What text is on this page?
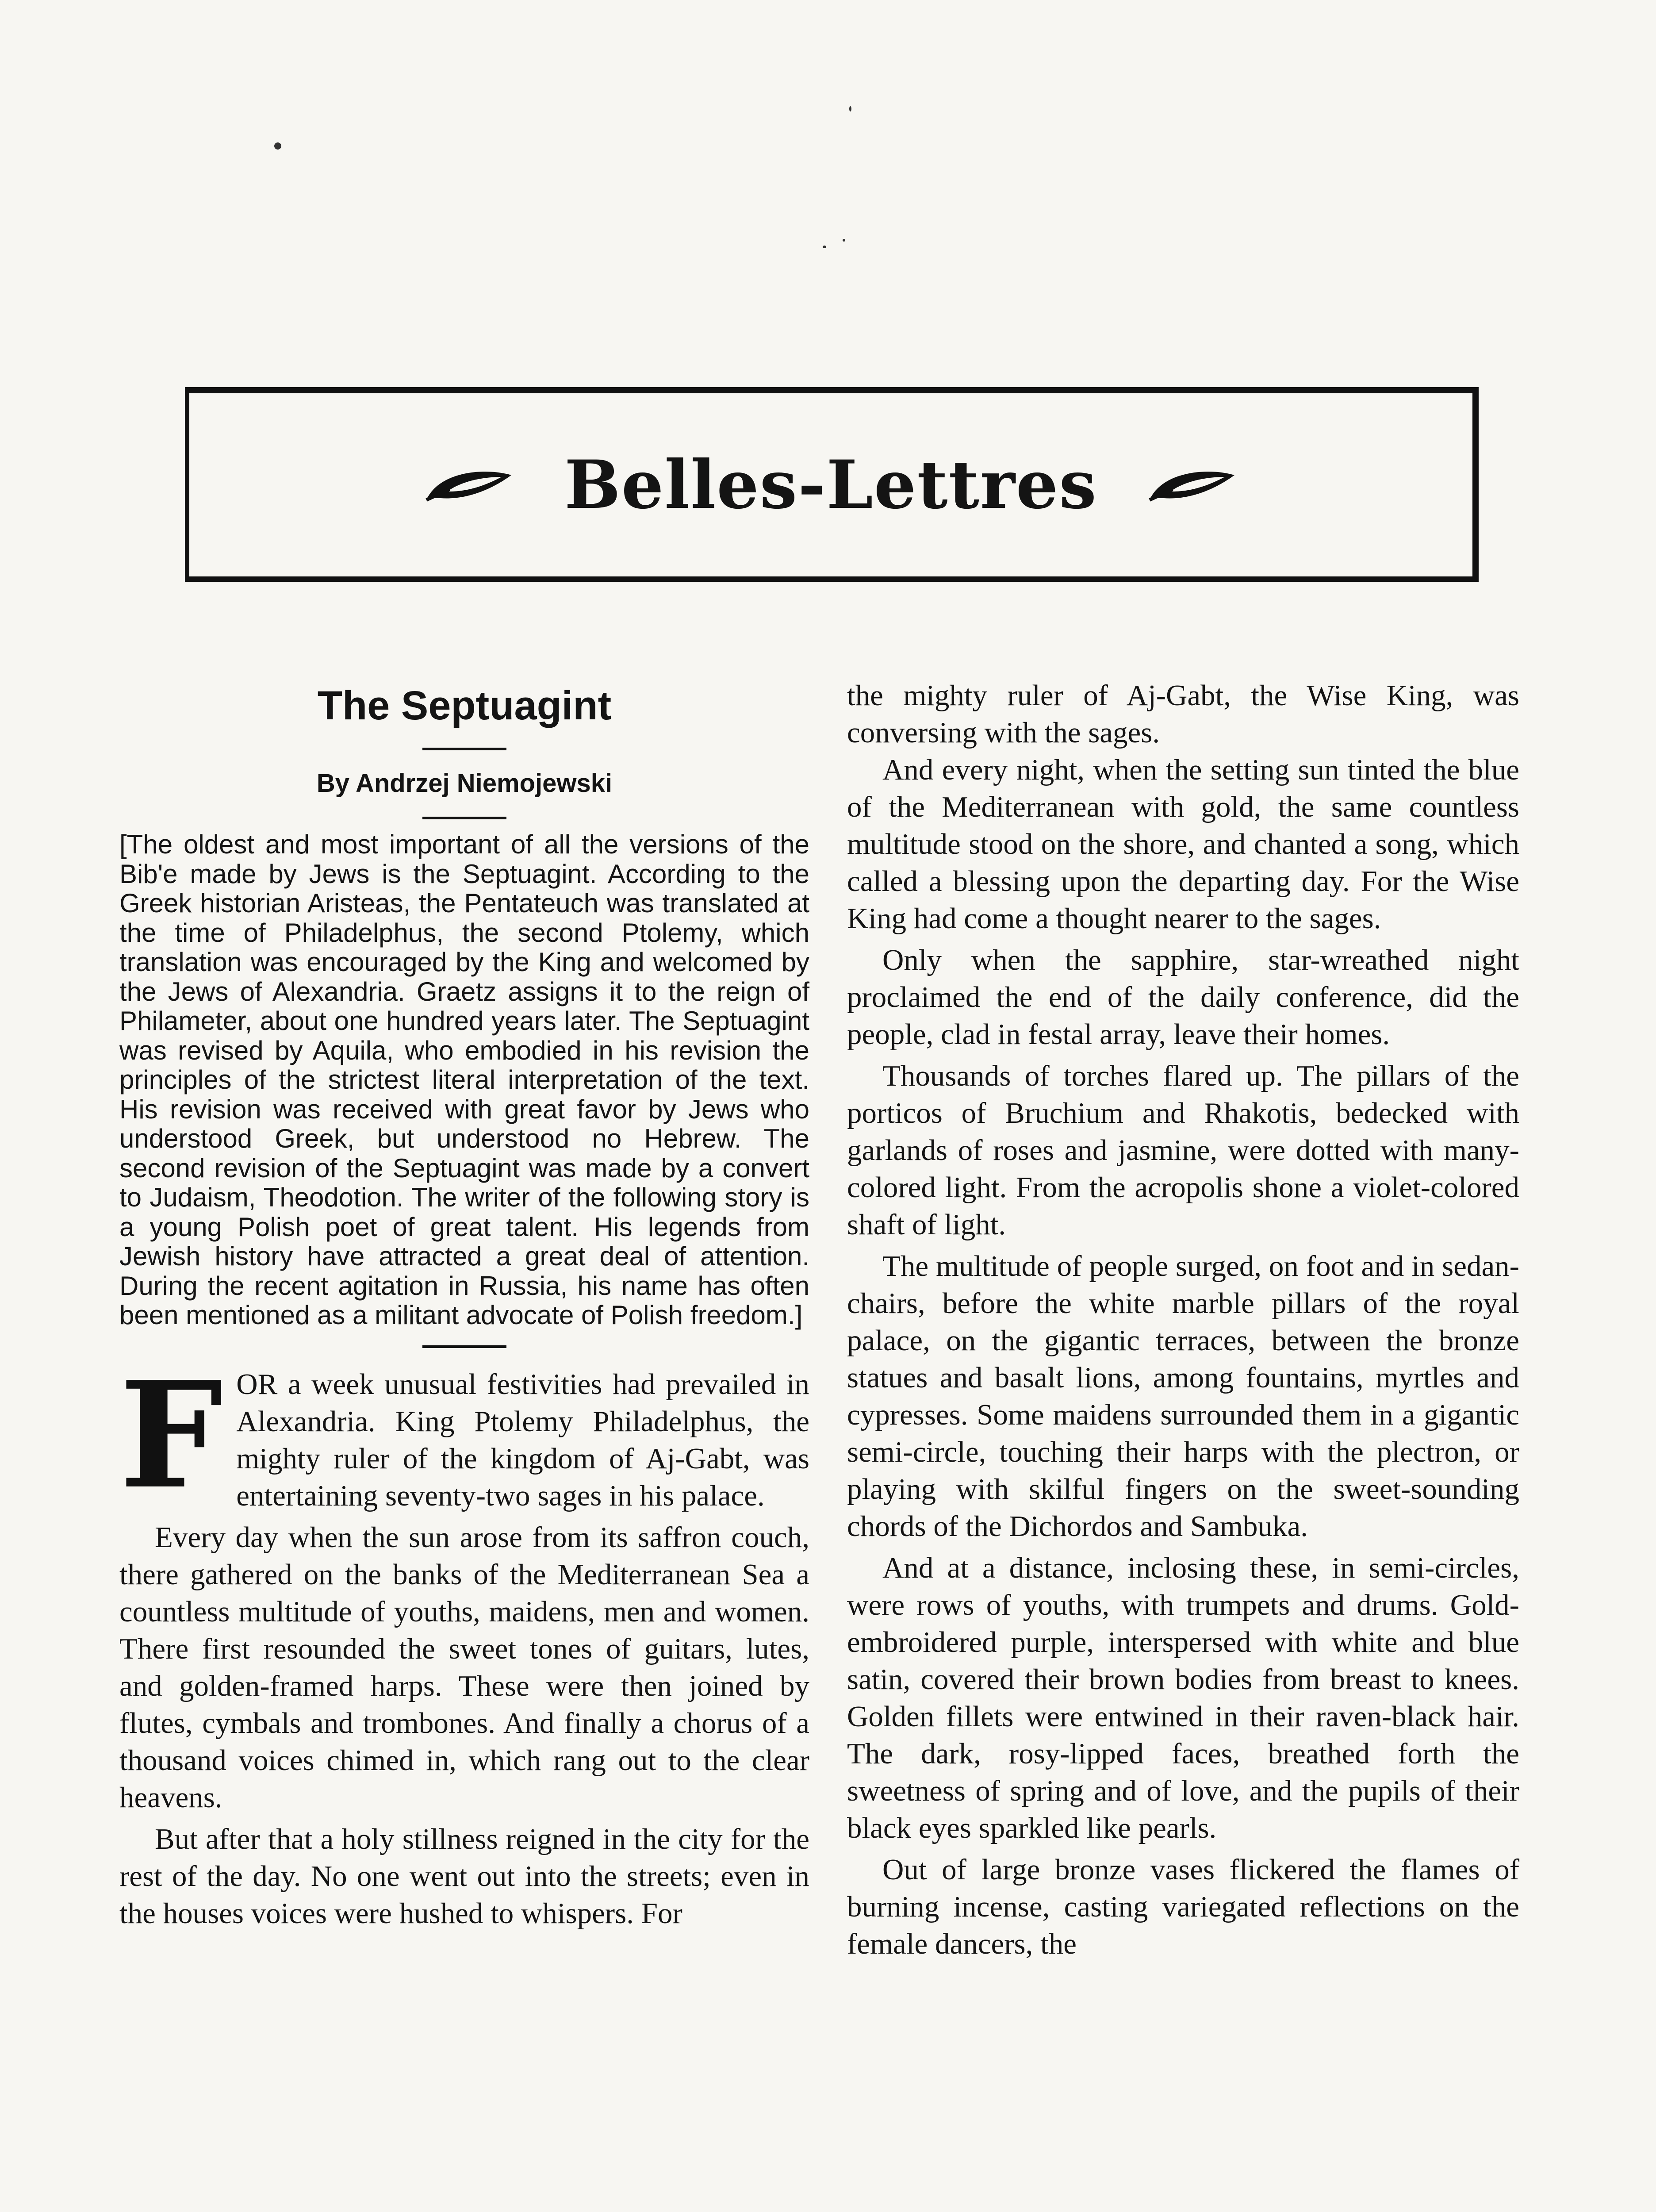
Belles-Lettres
The Septuagint
By Andrzej Niemojewski
[The oldest and most important of all the versions of the Bib'e made by Jews is the Septuagint. According to the Greek historian Aristeas, the Pentateuch was translated at the time of Philadelphus, the second Ptolemy, which translation was encouraged by the King and welcomed by the Jews of Alexandria. Graetz assigns it to the reign of Philameter, about one hundred years later. The Septuagint was revised by Aquila, who embodied in his revision the principles of the strictest literal interpretation of the text. His revision was received with great favor by Jews who understood Greek, but understood no Hebrew. The second revision of the Septuagint was made by a convert to Judaism, Theodotion. The writer of the following story is a young Polish poet of great talent. His legends from Jewish history have attracted a great deal of attention. During the recent agitation in Russia, his name has often been mentioned as a militant advocate of Polish freedom.]

F OR a week unusual festivities had prevailed in Alexandria. King Ptolemy Philadelphus, the mighty ruler of the kingdom of Aj-Gabt, was entertaining seventy-two sages in his palace.

Every day when the sun arose from its saffron couch, there gathered on the banks of the Mediterranean Sea a countless multitude of youths, maidens, men and women. There first resounded the sweet tones of guitars, lutes, and golden-framed harps. These were then joined by flutes, cymbals and trombones. And finally a chorus of a thousand voices chimed in, which rang out to the clear heavens.

But after that a holy stillness reigned in the city for the rest of the day. No one went out into the streets; even in the houses voices were hushed to whispers. For

the mighty ruler of Aj-Gabt, the Wise King, was conversing with the sages.

And every night, when the setting sun tinted the blue of the Mediterranean with gold, the same countless multitude stood on the shore, and chanted a song, which called a blessing upon the departing day. For the Wise King had come a thought nearer to the sages.

Only when the sapphire, star-wreathed night proclaimed the end of the daily conference, did the people, clad in festal array, leave their homes.

Thousands of torches flared up. The pillars of the porticos of Bruchium and Rhakotis, bedecked with garlands of roses and jasmine, were dotted with many-colored light. From the acropolis shone a violet-colored shaft of light.

The multitude of people surged, on foot and in sedan-chairs, before the white marble pillars of the royal palace, on the gigantic terraces, between the bronze statues and basalt lions, among fountains, myrtles and cypresses. Some maidens surrounded them in a gigantic semi-circle, touching their harps with the plectron, or playing with skilful fingers on the sweet-sounding chords of the Dichordos and Sambuka.

And at a distance, inclosing these, in semi-circles, were rows of youths, with trumpets and drums. Gold-embroidered purple, interspersed with white and blue satin, covered their brown bodies from breast to knees. Golden fillets were entwined in their raven-black hair. The dark, rosy-lipped faces, breathed forth the sweetness of spring and of love, and the pupils of their black eyes sparkled like pearls.

Out of large bronze vases flickered the flames of burning incense, casting variegated reflections on the female dancers, the
